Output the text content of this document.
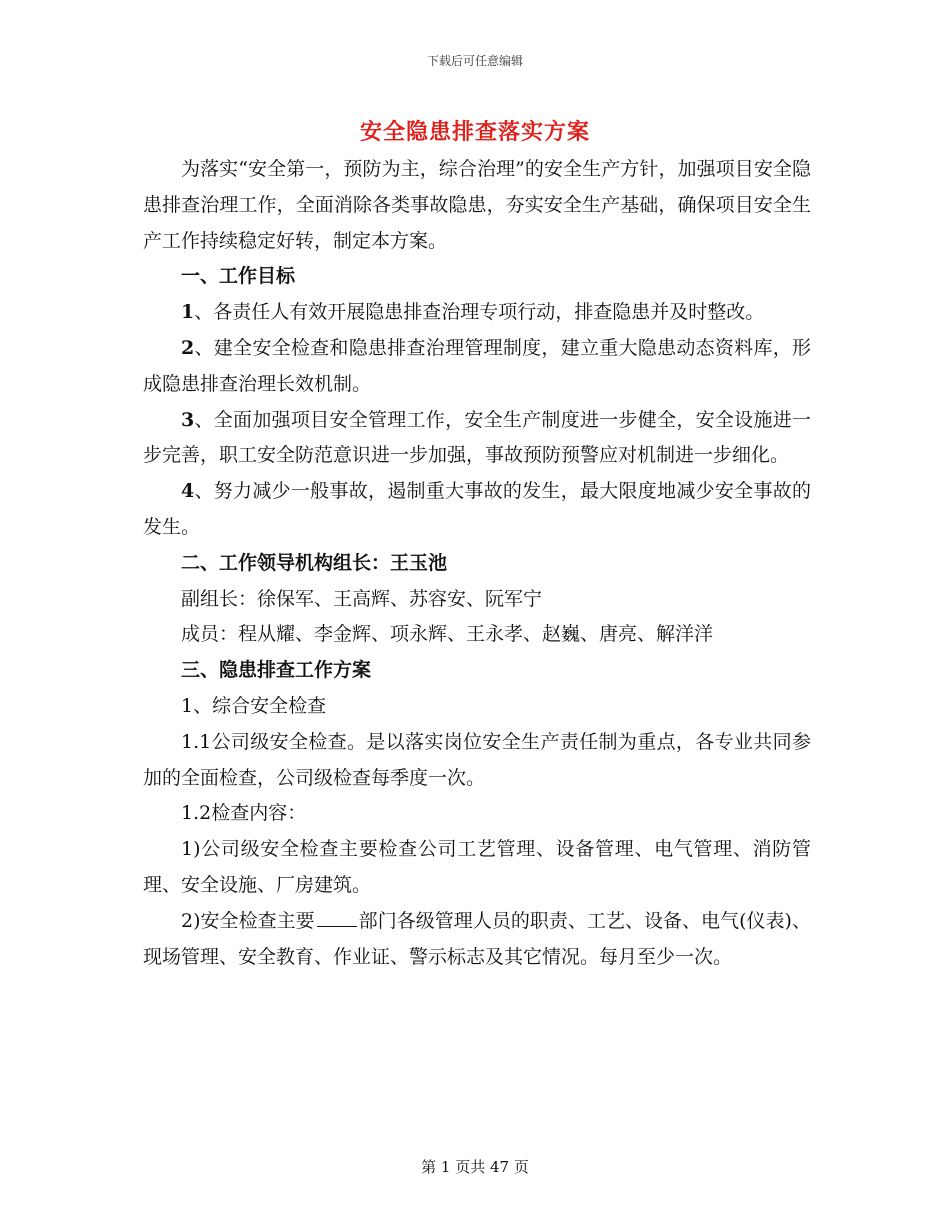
下载后可任意编辑
安全隐患排查落实方案

为落实“安全第一，预防为主，综合治理”的安全生产方针，加强项目安全隐患排查治理工作，全面消除各类事故隐患，夯实安全生产基础，确保项目安全生产工作持续稳定好转，制定本方案。

一、工作目标

1、各责任人有效开展隐患排查治理专项行动，排查隐患并及时整改。

2、建全安全检查和隐患排查治理管理制度，建立重大隐患动态资料库，形成隐患排查治理长效机制。

3、全面加强项目安全管理工作，安全生产制度进一步健全，安全设施进一步完善，职工安全防范意识进一步加强，事故预防预警应对机制进一步细化。

4、努力减少一般事故，遏制重大事故的发生，最大限度地减少安全事故的发生。

二、工作领导机构组长：王玉池

副组长：徐保军、王高辉、苏容安、阮军宁

成员：程从耀、李金辉、项永辉、王永孝、赵巍、唐亮、解洋洋

三、隐患排查工作方案

1、综合安全检查

1.1公司级安全检查。是以落实岗位安全生产责任制为重点，各专业共同参加的全面检查，公司级检查每季度一次。

1.2检查内容：

1)公司级安全检查主要检查公司工艺管理、设备管理、电气管理、消防管理、安全设施、厂房建筑。

2)安全检查主要 部门各级管理人员的职责、工艺、设备、电气(仪表)、现场管理、安全教育、作业证、警示标志及其它情况。每月至少一次。

第 1 页共 47 页
